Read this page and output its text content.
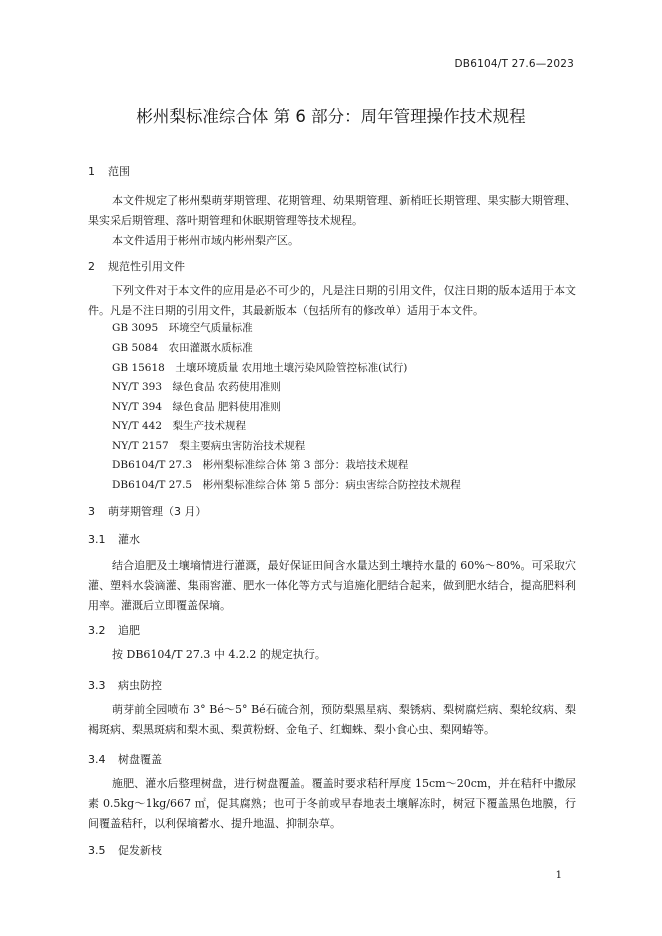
DB6104/T 27.6—2023
彬州梨标准综合体 第 6 部分：周年管理操作技术规程
1 范围
本文件规定了彬州梨萌芽期管理、花期管理、幼果期管理、新梢旺长期管理、果实膨大期管理、果实采后期管理、落叶期管理和休眠期管理等技术规程。
本文件适用于彬州市域内彬州梨产区。
2 规范性引用文件
下列文件对于本文件的应用是必不可少的，凡是注日期的引用文件，仅注日期的版本适用于本文件。凡是不注日期的引用文件，其最新版本（包括所有的修改单）适用于本文件。
GB 3095　环境空气质量标准
GB 5084　农田灌溉水质标准
GB 15618　土壤环境质量 农用地土壤污染风险管控标准(试行)
NY/T 393　绿色食品 农药使用准则
NY/T 394　绿色食品 肥料使用准则
NY/T 442　梨生产技术规程
NY/T 2157　梨主要病虫害防治技术规程
DB6104/T 27.3　彬州梨标准综合体 第 3 部分：栽培技术规程
DB6104/T 27.5　彬州梨标准综合体 第 5 部分：病虫害综合防控技术规程
3 萌芽期管理（3 月）
3.1 灌水
结合追肥及土壤墒情进行灌溉，最好保证田间含水量达到土壤持水量的 60%～80%。可采取穴灌、塑料水袋滴灌、集雨窖灌、肥水一体化等方式与追施化肥结合起来，做到肥水结合，提高肥料利用率。灌溉后立即覆盖保墒。
3.2 追肥
按 DB6104/T 27.3 中 4.2.2 的规定执行。
3.3 病虫防控
萌芽前全园喷布 3° Bé～5° Bé石硫合剂，预防梨黑星病、梨锈病、梨树腐烂病、梨轮纹病、梨褐斑病、梨黑斑病和梨木虱、梨黄粉蚜、金龟子、红蜘蛛、梨小食心虫、梨网蝽等。
3.4 树盘覆盖
施肥、灌水后整理树盘，进行树盘覆盖。覆盖时要求秸秆厚度 15cm～20cm，并在秸秆中撒尿素 0.5kg～1kg/667 ㎡，促其腐熟；也可于冬前或早春地表土壤解冻时，树冠下覆盖黑色地膜，行间覆盖秸秆，以利保墒蓄水、提升地温、抑制杂草。
3.5 促发新枝
1
